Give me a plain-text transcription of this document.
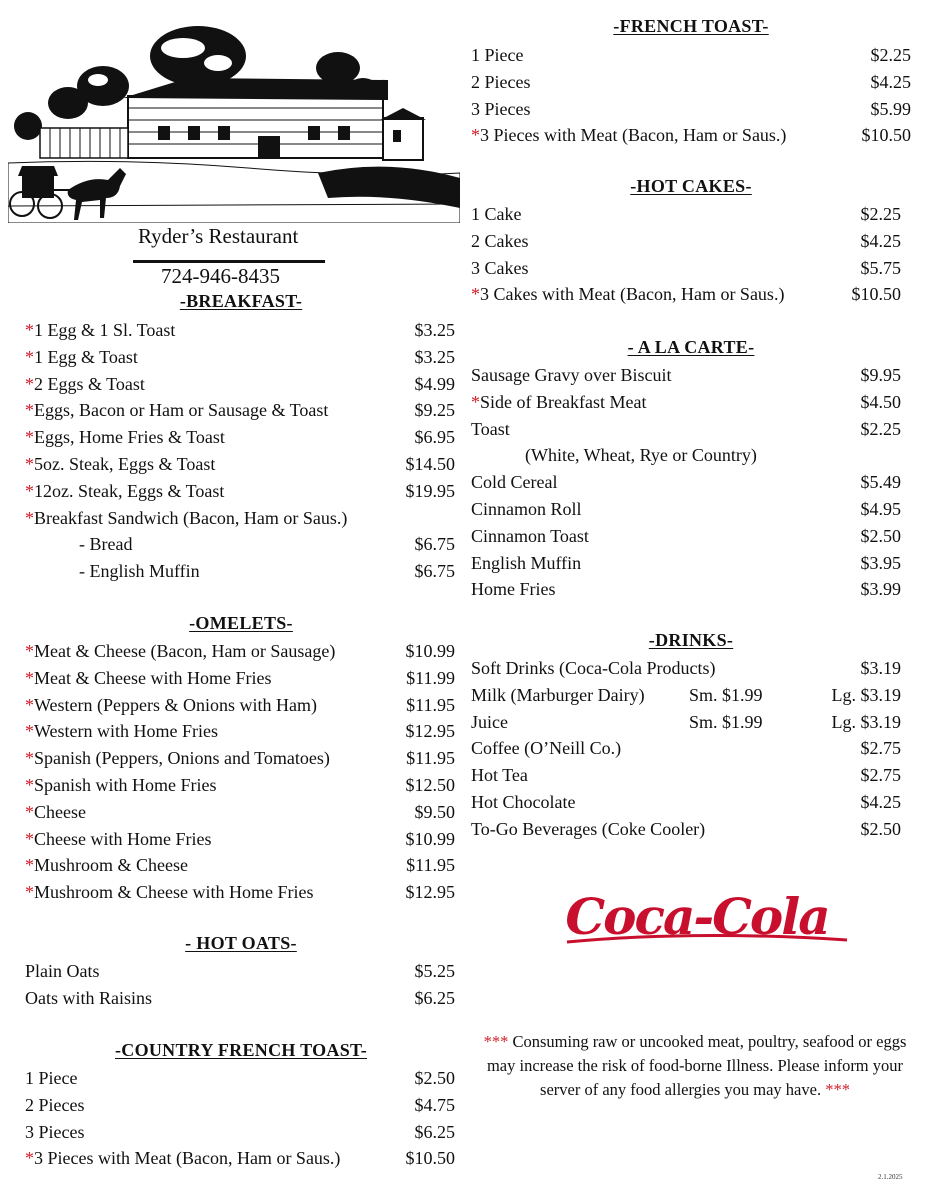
Ryder’s Restaurant
724-946-8435
-BREAKFAST-
*1 Egg & 1 Sl. Toast	$3.25
*1 Egg & Toast	$3.25
*2 Eggs & Toast	$4.99
*Eggs, Bacon or Ham or Sausage & Toast	$9.25
*Eggs, Home Fries & Toast	$6.95
*5oz. Steak, Eggs & Toast	$14.50
*12oz. Steak, Eggs & Toast	$19.95
*Breakfast Sandwich (Bacon, Ham or Saus.)
- Bread	$6.75
- English Muffin	$6.75
-OMELETS-
*Meat & Cheese (Bacon, Ham or Sausage)	$10.99
*Meat & Cheese with Home Fries	$11.99
*Western (Peppers & Onions with Ham)	$11.95
*Western with Home Fries	$12.95
*Spanish (Peppers, Onions and Tomatoes)	$11.95
*Spanish with Home Fries	$12.50
*Cheese	$9.50
*Cheese with Home Fries	$10.99
*Mushroom & Cheese	$11.95
*Mushroom & Cheese with Home Fries	$12.95
- HOT OATS-
Plain Oats	$5.25
Oats with Raisins	$6.25
-COUNTRY FRENCH TOAST-
1 Piece	$2.50
2 Pieces	$4.75
3 Pieces	$6.25
*3 Pieces with Meat (Bacon, Ham or Saus.)	$10.50
-FRENCH TOAST-
1 Piece	$2.25
2 Pieces	$4.25
3 Pieces	$5.99
*3 Pieces with Meat (Bacon, Ham or Saus.)	$10.50
-HOT CAKES-
1 Cake	$2.25
2 Cakes	$4.25
3 Cakes	$5.75
*3 Cakes with Meat (Bacon, Ham or Saus.)	$10.50
- A LA CARTE-
Sausage Gravy over Biscuit	$9.95
*Side of Breakfast Meat	$4.50
Toast	$2.25
(White, Wheat, Rye or Country)
Cold Cereal	$5.49
Cinnamon Roll	$4.95
Cinnamon Toast	$2.50
English Muffin	$3.95
Home Fries	$3.99
-DRINKS-
Soft Drinks (Coca-Cola Products)	$3.19
Milk (Marburger Dairy) Sm. $1.99	Lg. $3.19
Juice	Sm. $1.99	Lg. $3.19
Coffee (O’Neill Co.)	$2.75
Hot Tea	$2.75
Hot Chocolate	$4.25
To-Go Beverages (Coke Cooler)	$2.50
Coca-Cola
*** Consuming raw or uncooked meat, poultry, seafood or eggs may increase the risk of food-borne Illness. Please inform your server of any food allergies you may have. ***
2.1.2025
